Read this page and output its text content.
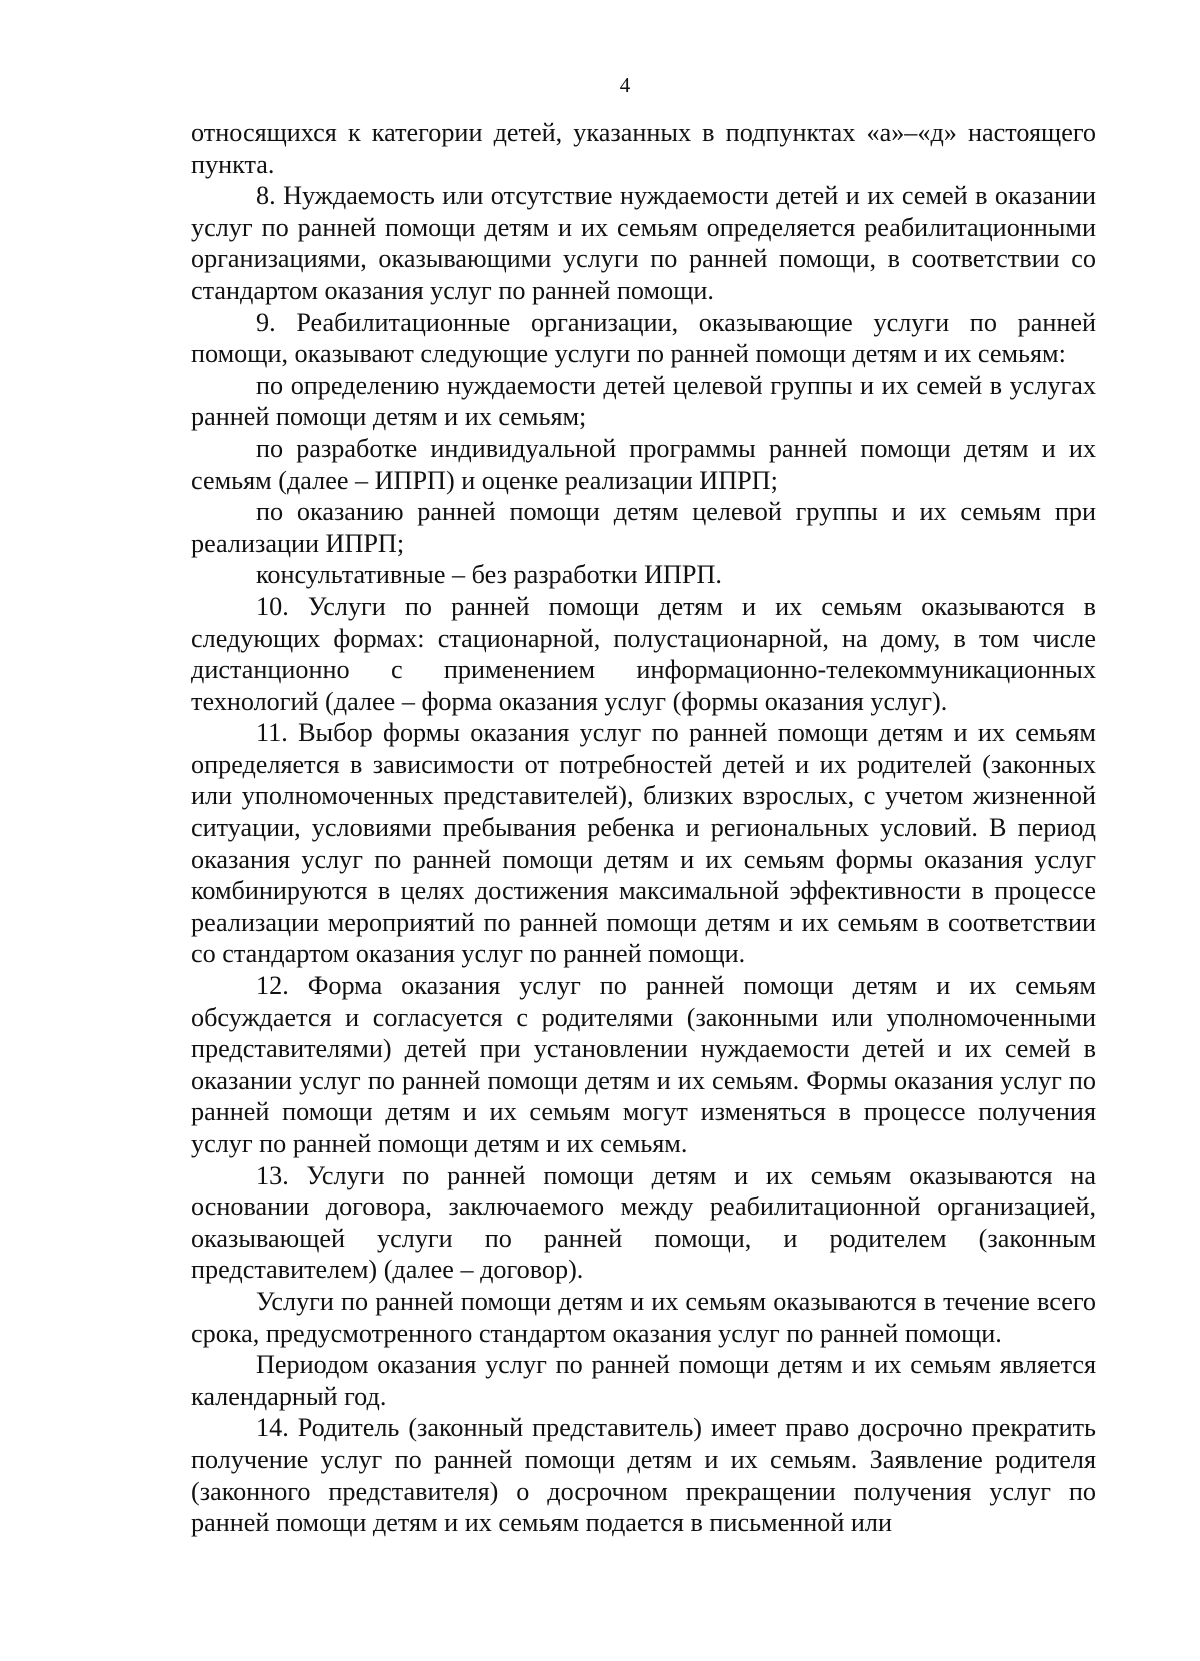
4

относящихся к категории детей, указанных в подпунктах «а»–«д» настоящего пункта.

8. Нуждаемость или отсутствие нуждаемости детей и их семей в оказании услуг по ранней помощи детям и их семьям определяется реабилитационными организациями, оказывающими услуги по ранней помощи, в соответствии со стандартом оказания услуг по ранней помощи.

9. Реабилитационные организации, оказывающие услуги по ранней помощи, оказывают следующие услуги по ранней помощи детям и их семьям:

по определению нуждаемости детей целевой группы и их семей в услугах ранней помощи детям и их семьям;

по разработке индивидуальной программы ранней помощи детям и их семьям (далее – ИПРП) и оценке реализации ИПРП;

по оказанию ранней помощи детям целевой группы и их семьям при реализации ИПРП;

консультативные – без разработки ИПРП.

10. Услуги по ранней помощи детям и их семьям оказываются в следующих формах: стационарной, полустационарной, на дому, в том числе дистанционно с применением информационно-телекоммуникационных технологий (далее – форма оказания услуг (формы оказания услуг).

11. Выбор формы оказания услуг по ранней помощи детям и их семьям определяется в зависимости от потребностей детей и их родителей (законных или уполномоченных представителей), близких взрослых, с учетом жизненной ситуации, условиями пребывания ребенка и региональных условий. В период оказания услуг по ранней помощи детям и их семьям формы оказания услуг комбинируются в целях достижения максимальной эффективности в процессе реализации мероприятий по ранней помощи детям и их семьям в соответствии со стандартом оказания услуг по ранней помощи.

12. Форма оказания услуг по ранней помощи детям и их семьям обсуждается и согласуется с родителями (законными или уполномоченными представителями) детей при установлении нуждаемости детей и их семей в оказании услуг по ранней помощи детям и их семьям. Формы оказания услуг по ранней помощи детям и их семьям могут изменяться в процессе получения услуг по ранней помощи детям и их семьям.

13. Услуги по ранней помощи детям и их семьям оказываются на основании договора, заключаемого между реабилитационной организацией, оказывающей услуги по ранней помощи, и родителем (законным представителем) (далее – договор).

Услуги по ранней помощи детям и их семьям оказываются в течение всего срока, предусмотренного стандартом оказания услуг по ранней помощи.

Периодом оказания услуг по ранней помощи детям и их семьям является календарный год.

14. Родитель (законный представитель) имеет право досрочно прекратить получение услуг по ранней помощи детям и их семьям. Заявление родителя (законного представителя) о досрочном прекращении получения услуг по ранней помощи детям и их семьям подается в письменной или
